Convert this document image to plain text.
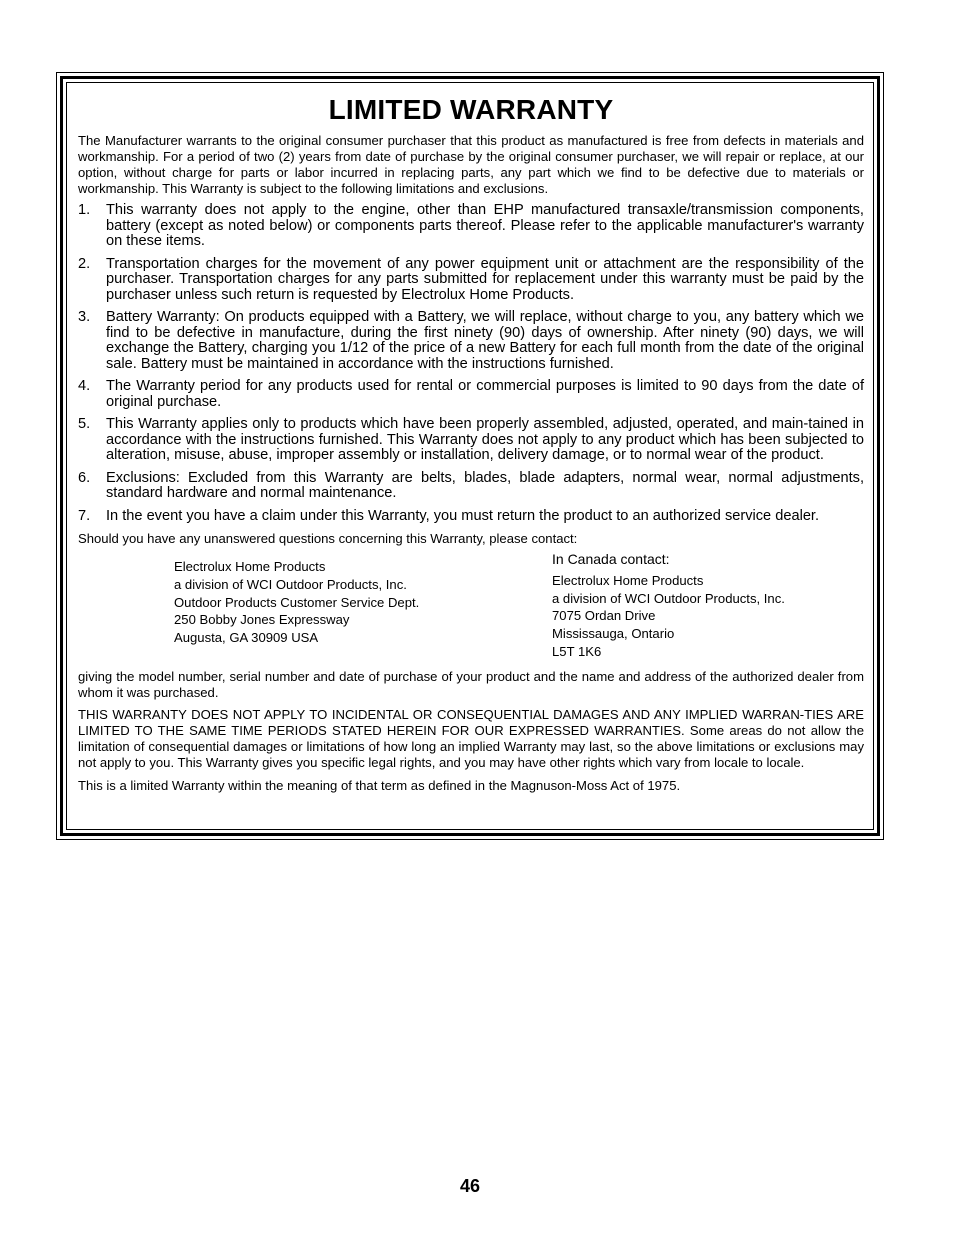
LIMITED WARRANTY

The Manufacturer warrants to the original consumer purchaser that this product as manufactured is free from defects in materials and workmanship. For a period of two (2) years from date of purchase by the original consumer purchaser, we will repair or replace, at our option, without charge for parts or labor incurred in replacing parts, any part which we find to be defective due to materials or workmanship. This Warranty is subject to the following limitations and exclusions.

1. This warranty does not apply to the engine, other than EHP manufactured transaxle/transmission components, battery (except as noted below) or components parts thereof. Please refer to the applicable manufacturer's warranty on these items.
2. Transportation charges for the movement of any power equipment unit or attachment are the responsibility of the purchaser. Transportation charges for any parts submitted for replacement under this warranty must be paid by the purchaser unless such return is requested by Electrolux Home Products.
3. Battery Warranty: On products equipped with a Battery, we will replace, without charge to you, any battery which we find to be defective in manufacture, during the first ninety (90) days of ownership. After ninety (90) days, we will exchange the Battery, charging you 1/12 of the price of a new Battery for each full month from the date of the original sale. Battery must be maintained in accordance with the instructions furnished.
4. The Warranty period for any products used for rental or commercial purposes is limited to 90 days from the date of original purchase.
5. This Warranty applies only to products which have been properly assembled, adjusted, operated, and main-tained in accordance with the instructions furnished. This Warranty does not apply to any product which has been subjected to alteration, misuse, abuse, improper assembly or installation, delivery damage, or to normal wear of the product.
6. Exclusions: Excluded from this Warranty are belts, blades, blade adapters, normal wear, normal adjustments, standard hardware and normal maintenance.
7. In the event you have a claim under this Warranty, you must return the product to an authorized service dealer.

Should you have any unanswered questions concerning this Warranty, please contact:

Electrolux Home Products
a division of WCI Outdoor Products, Inc.
Outdoor Products Customer Service Dept.
250 Bobby Jones Expressway
Augusta, GA 30909 USA
In Canada contact:
Electrolux Home Products
a division of WCI Outdoor Products, Inc.
7075 Ordan Drive
Mississauga, Ontario
L5T 1K6

giving the model number, serial number and date of purchase of your product and the name and address of the authorized dealer from whom it was purchased.

THIS WARRANTY DOES NOT APPLY TO INCIDENTAL OR CONSEQUENTIAL DAMAGES AND ANY IMPLIED WARRAN-TIES ARE LIMITED TO THE SAME TIME PERIODS STATED HEREIN FOR OUR EXPRESSED WARRANTIES. Some areas do not allow the limitation of consequential damages or limitations of how long an implied Warranty may last, so the above limitations or exclusions may not apply to you. This Warranty gives you specific legal rights, and you may have other rights which vary from locale to locale.

This is a limited Warranty within the meaning of that term as defined in the Magnuson-Moss Act of 1975.

46
